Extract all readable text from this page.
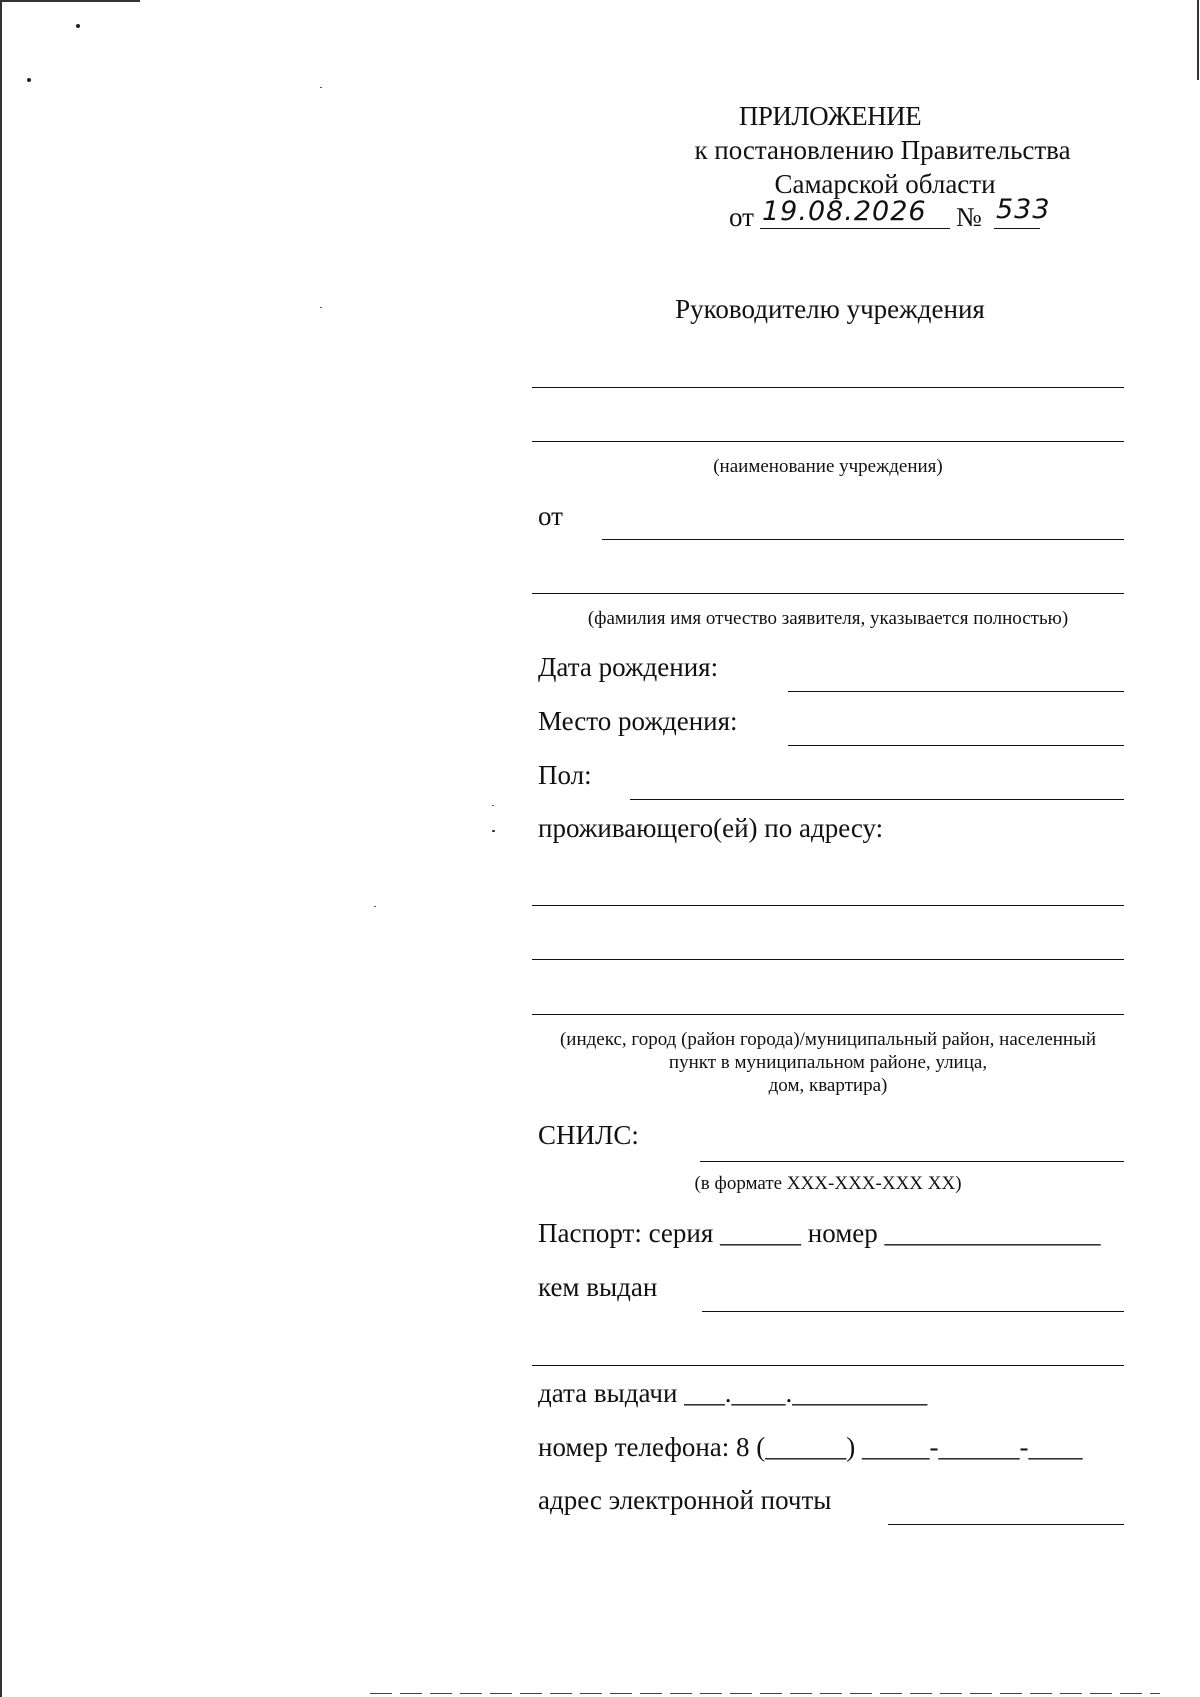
ПРИЛОЖЕНИЕ
к постановлению Правительства
Самарской области
от 19.08.2026 № 533
Руководителю учреждения
(наименование учреждения)
от
(фамилия имя отчество заявителя, указывается полностью)
Дата рождения:
Место рождения:
Пол:
проживающего(ей) по адресу:
(индекс, город (район города)/муниципальный район, населенный
пункт в муниципальном районе, улица,
дом, квартира)
СНИЛС:
(в формате XXX-XXX-XXX XX)
Паспорт: серия ______ номер ________________
кем выдан
дата выдачи ___.____.__________
номер телефона: 8 (______) _____-______-____
адрес электронной почты
